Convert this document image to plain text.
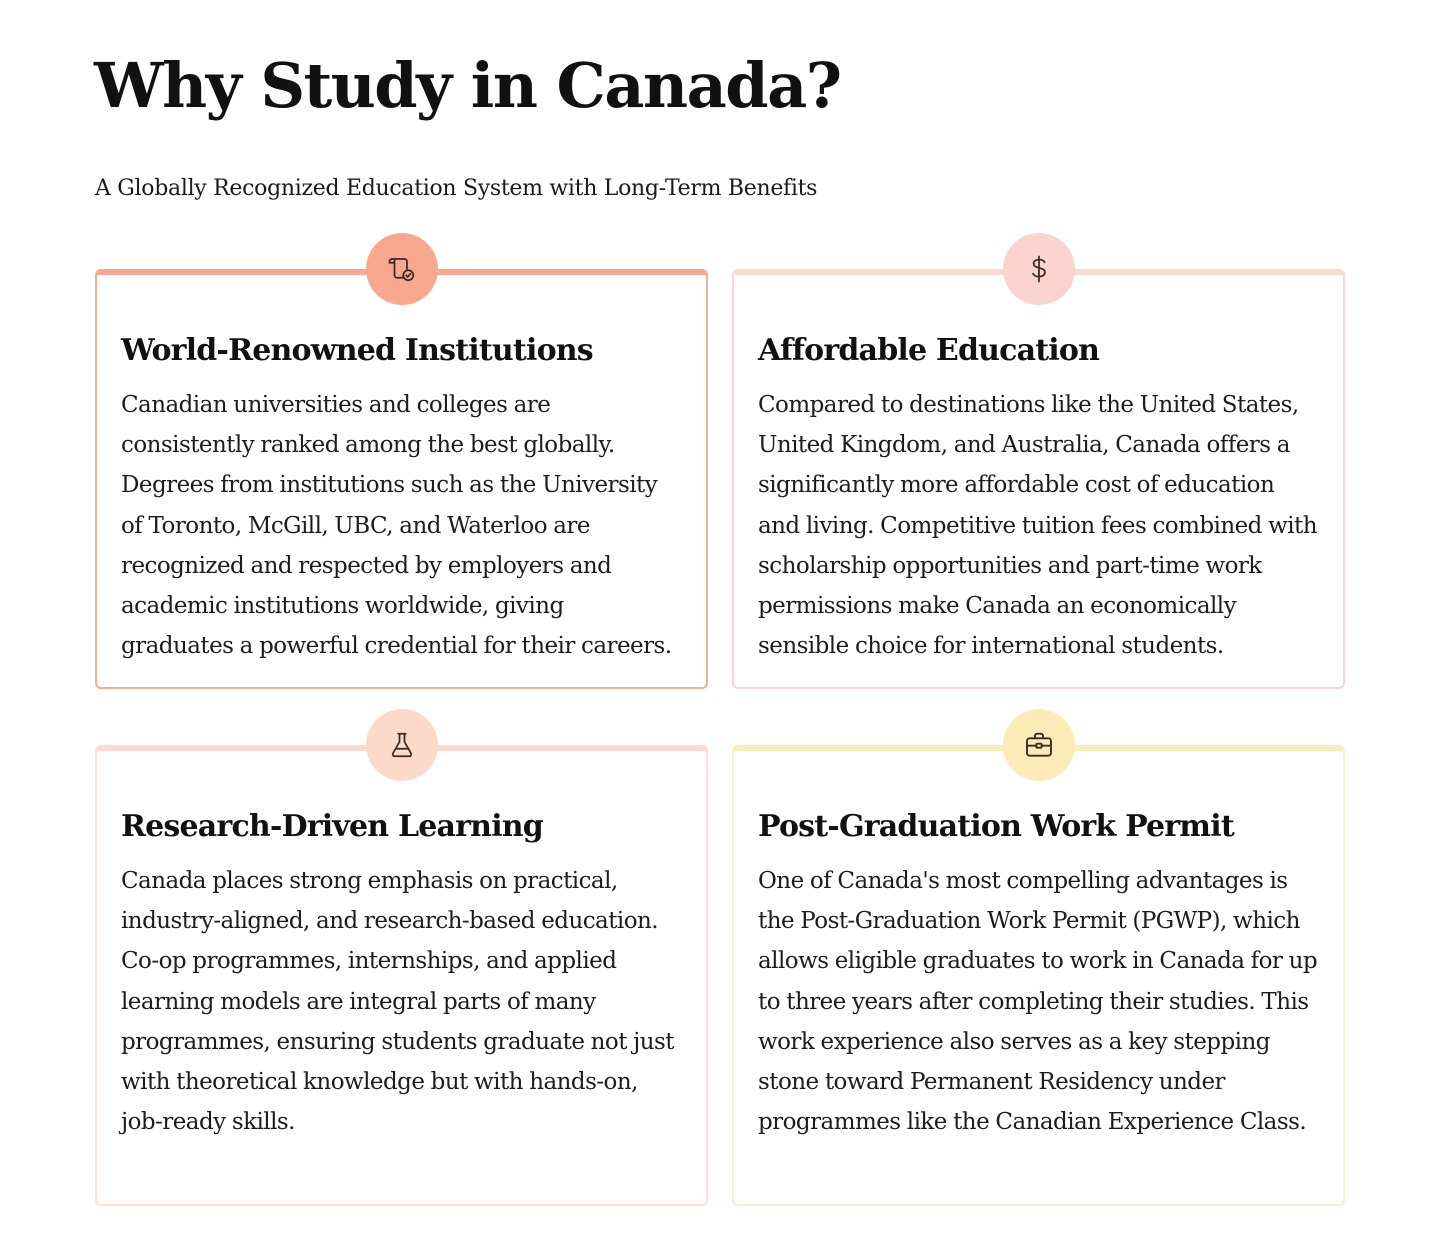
Why Study in Canada?

A Globally Recognized Education System with Long-Term Benefits

World-Renowned Institutions

Canadian universities and colleges are consistently ranked among the best globally. Degrees from institutions such as the University of Toronto, McGill, UBC, and Waterloo are recognized and respected by employers and academic institutions worldwide, giving graduates a powerful credential for their careers.

Affordable Education

Compared to destinations like the United States, United Kingdom, and Australia, Canada offers a significantly more affordable cost of education and living. Competitive tuition fees combined with scholarship opportunities and part-time work permissions make Canada an economically sensible choice for international students.

Research-Driven Learning

Canada places strong emphasis on practical, industry-aligned, and research-based education. Co-op programmes, internships, and applied learning models are integral parts of many programmes, ensuring students graduate not just with theoretical knowledge but with hands-on, job-ready skills.

Post-Graduation Work Permit

One of Canada's most compelling advantages is the Post-Graduation Work Permit (PGWP), which allows eligible graduates to work in Canada for up to three years after completing their studies. This work experience also serves as a key stepping stone toward Permanent Residency under programmes like the Canadian Experience Class.
